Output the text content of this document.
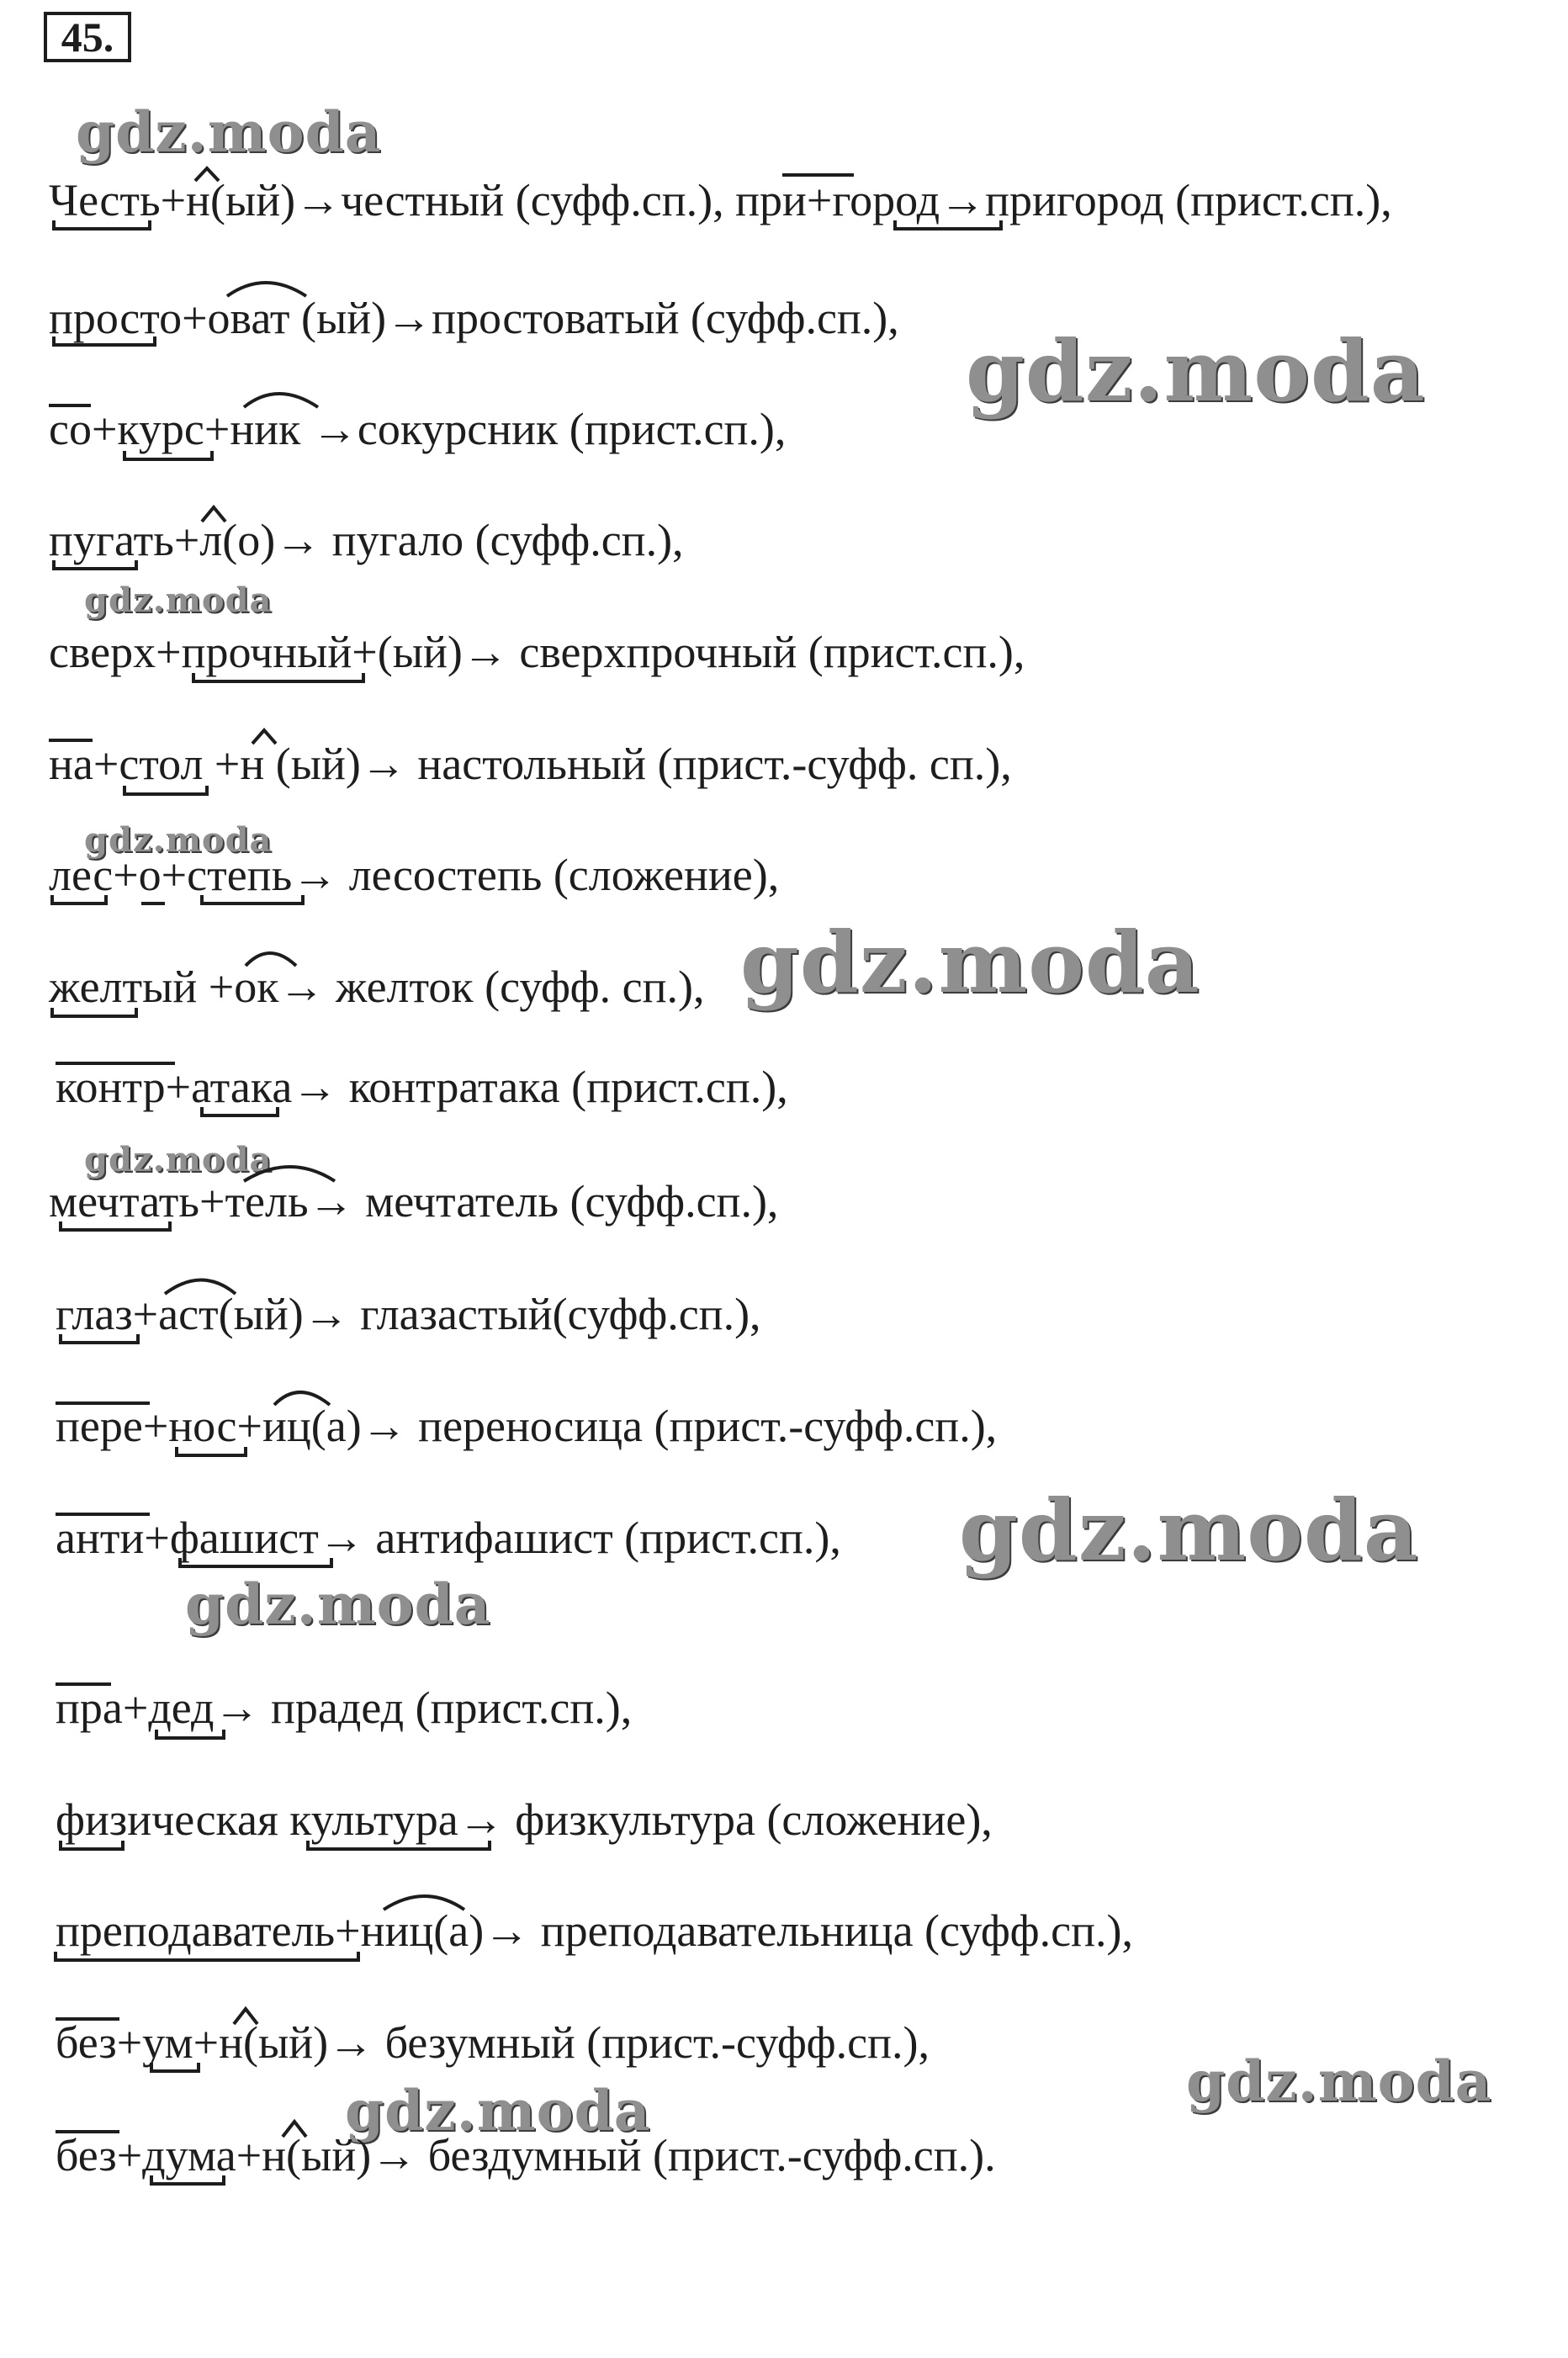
45.
gdz.moda
gdz.moda
gdz.moda
gdz.moda
gdz.moda
gdz.moda
gdz.moda
gdz.moda
gdz.moda	gdz.moda
Честь+н(ый)→честный (суфф.сп.), при+город→пригород (прист.сп.),
просто+оват (ый)→простоватый (суфф.сп.),
со+курс+ник →сокурсник (прист.сп.),
пугать+л(о)→ пугало (суфф.сп.),
сверх+прочный+(ый)→ сверхпрочный (прист.сп.),
на+стол +н (ый)→ настольный (прист.-суфф. сп.),
лес+о+степь→ лесостепь (сложение),
желтый +ок→ желток (суфф. сп.),
контр+атака→ контратака (прист.сп.),
мечтать+тель→ мечтатель (суфф.сп.),
глаз+аст(ый)→ глазастый(суфф.сп.),
пере+нос+иц(а)→ переносица (прист.-суфф.сп.),
анти+фашист→ антифашист (прист.сп.),
пра+дед→ прадед (прист.сп.),
физическая культура→ физкультура (сложение),
преподаватель+ниц(а)→ преподавательница (суфф.сп.),
без+ум+н(ый)→ безумный (прист.-суфф.сп.),
без+дума+н(ый)→ бездумный (прист.-суфф.сп.).
